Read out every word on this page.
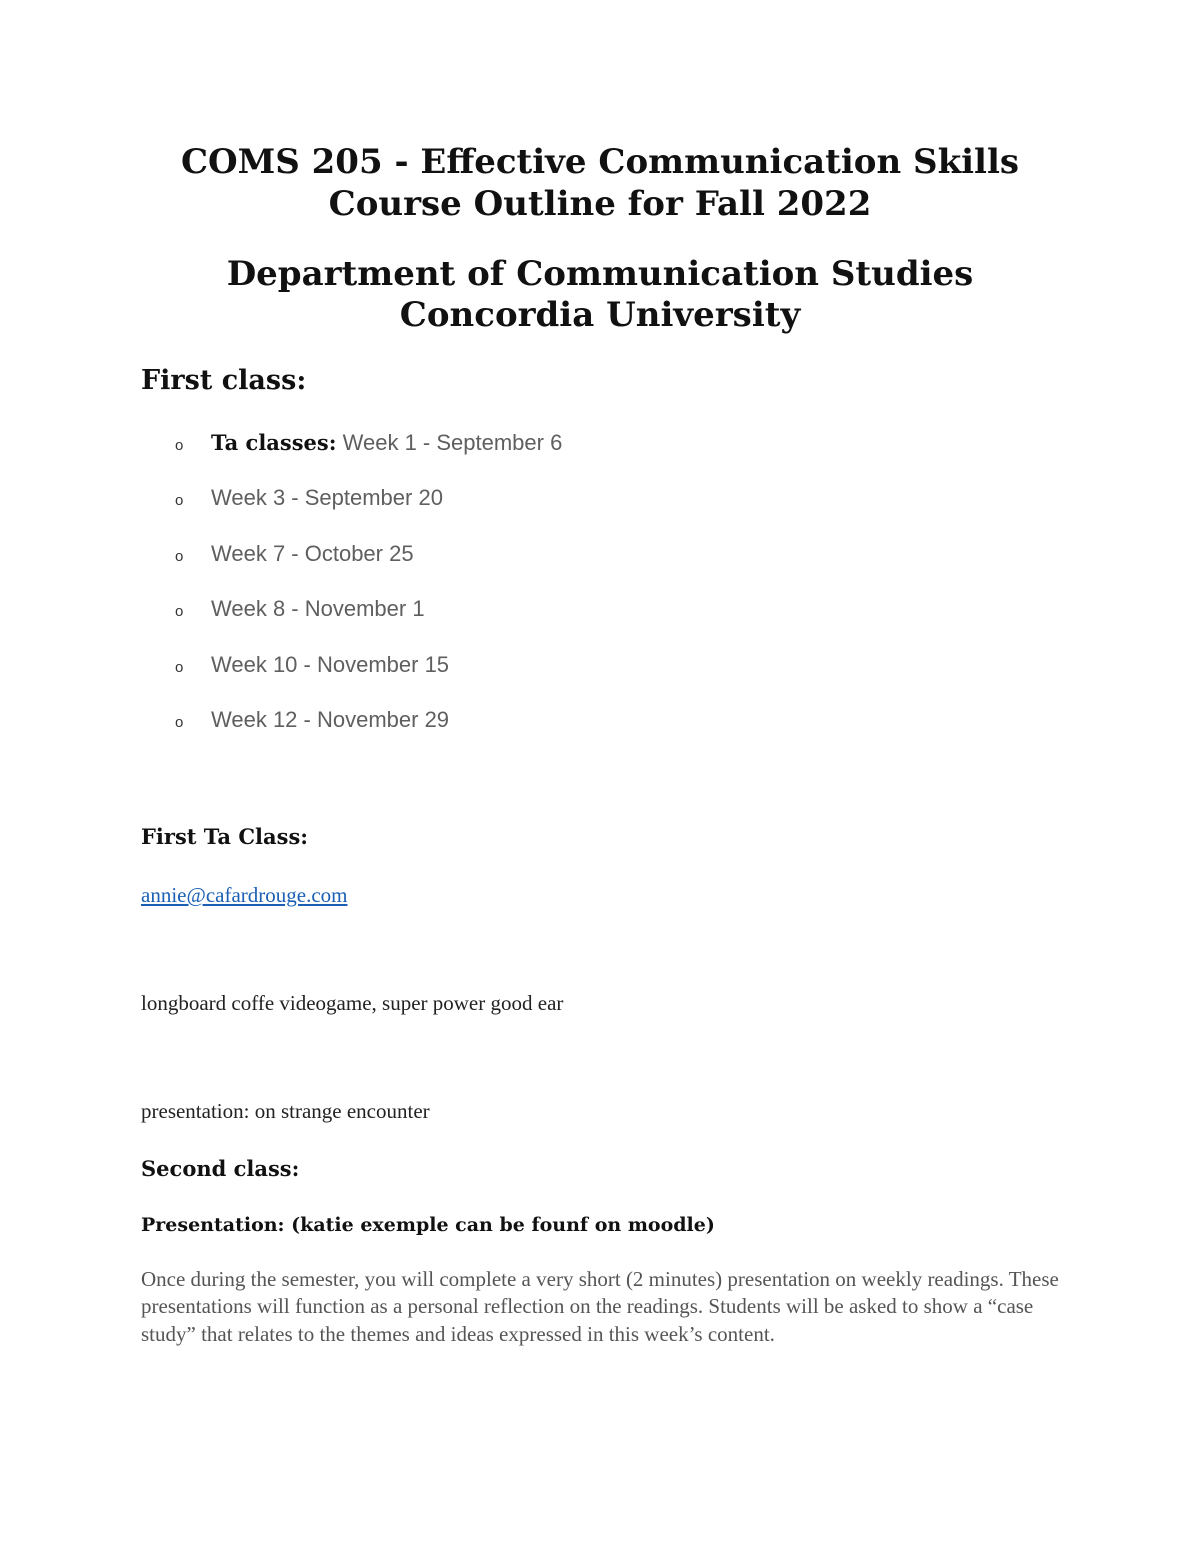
COMS 205 - Effective Communication Skills
Course Outline for Fall 2022
Department of Communication Studies
Concordia University
First class:
o Ta classes: Week 1 - September 6
o Week 3 - September 20
o Week 7 - October 25
o Week 8 - November 1
o Week 10 - November 15
o Week 12 - November 29
First Ta Class:
annie@cafardrouge.com

longboard coffe videogame, super power good ear

presentation: on strange encounter

Second class:
Presentation: (katie exemple can be founf on moodle)

Once during the semester, you will complete a very short (2 minutes) presentation on weekly readings. These presentations will function as a personal reflection on the readings. Students will be asked to show a “case study” that relates to the themes and ideas expressed in this week’s content.
